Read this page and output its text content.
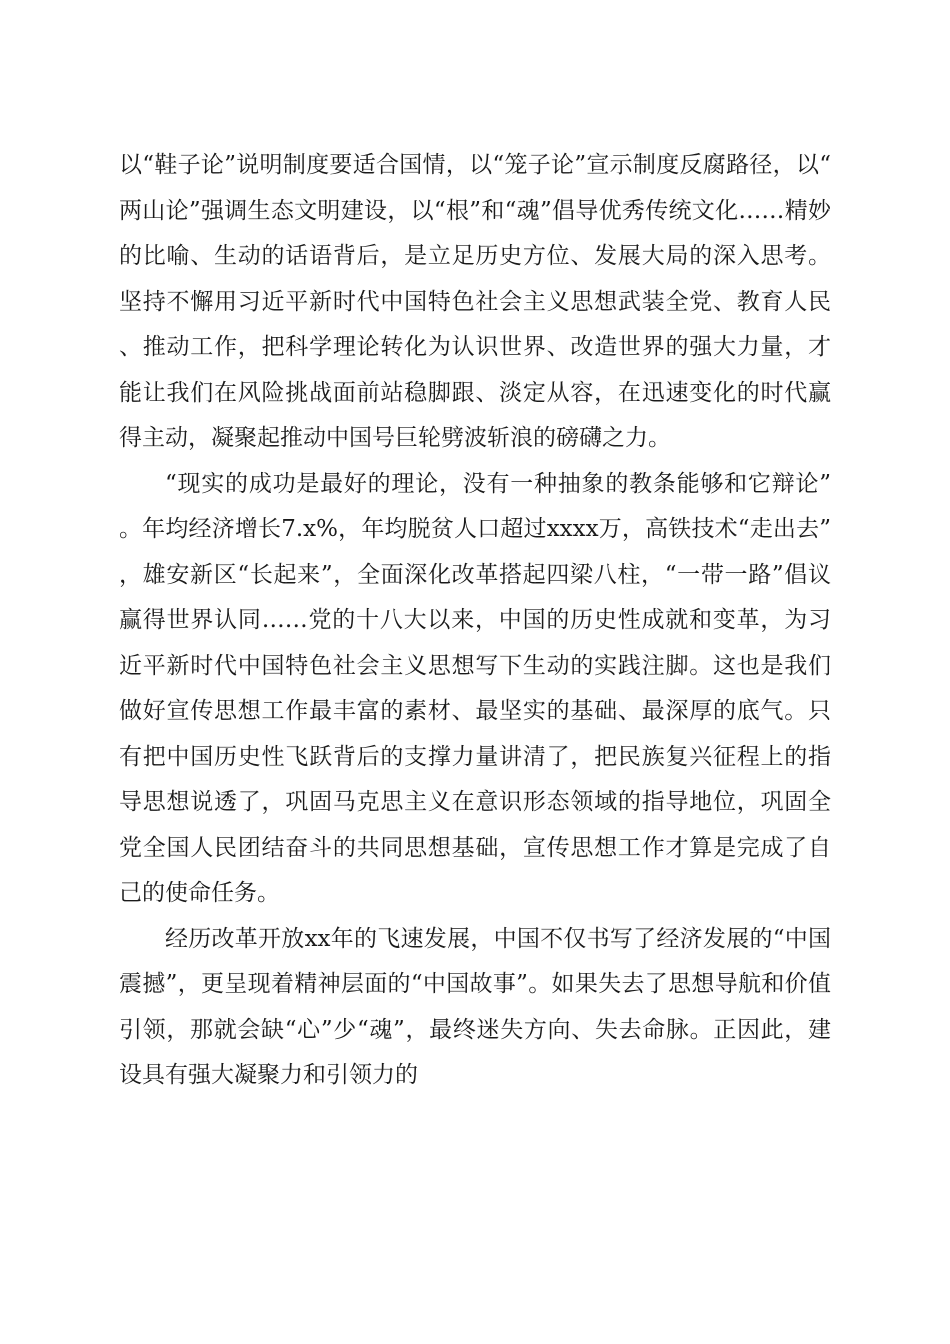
以“鞋子论”说明制度要适合国情，以“笼子论”宣示制度反腐路径，以“两山论”强调生态文明建设，以“根”和“魂”倡导优秀传统文化……精妙的比喻、生动的话语背后，是立足历史方位、发展大局的深入思考。坚持不懈用习近平新时代中国特色社会主义思想武装全党、教育人民、推动工作，把科学理论转化为认识世界、改造世界的强大力量，才能让我们在风险挑战面前站稳脚跟、淡定从容，在迅速变化的时代赢得主动，凝聚起推动中国号巨轮劈波斩浪的磅礴之力。

“现实的成功是最好的理论，没有一种抽象的教条能够和它辩论”。年均经济增长7.x%，年均脱贫人口超过xxxx万，高铁技术“走出去”，雄安新区“长起来”，全面深化改革搭起四梁八柱，“一带一路”倡议赢得世界认同……党的十八大以来，中国的历史性成就和变革，为习近平新时代中国特色社会主义思想写下生动的实践注脚。这也是我们做好宣传思想工作最丰富的素材、最坚实的基础、最深厚的底气。只有把中国历史性飞跃背后的支撑力量讲清了，把民族复兴征程上的指导思想说透了，巩固马克思主义在意识形态领域的指导地位，巩固全党全国人民团结奋斗的共同思想基础，宣传思想工作才算是完成了自己的使命任务。

经历改革开放xx年的飞速发展，中国不仅书写了经济发展的“中国震撼”，更呈现着精神层面的“中国故事”。如果失去了思想导航和价值引领，那就会缺“心”少“魂”，最终迷失方向、失去命脉。正因此，建设具有强大凝聚力和引领力的
